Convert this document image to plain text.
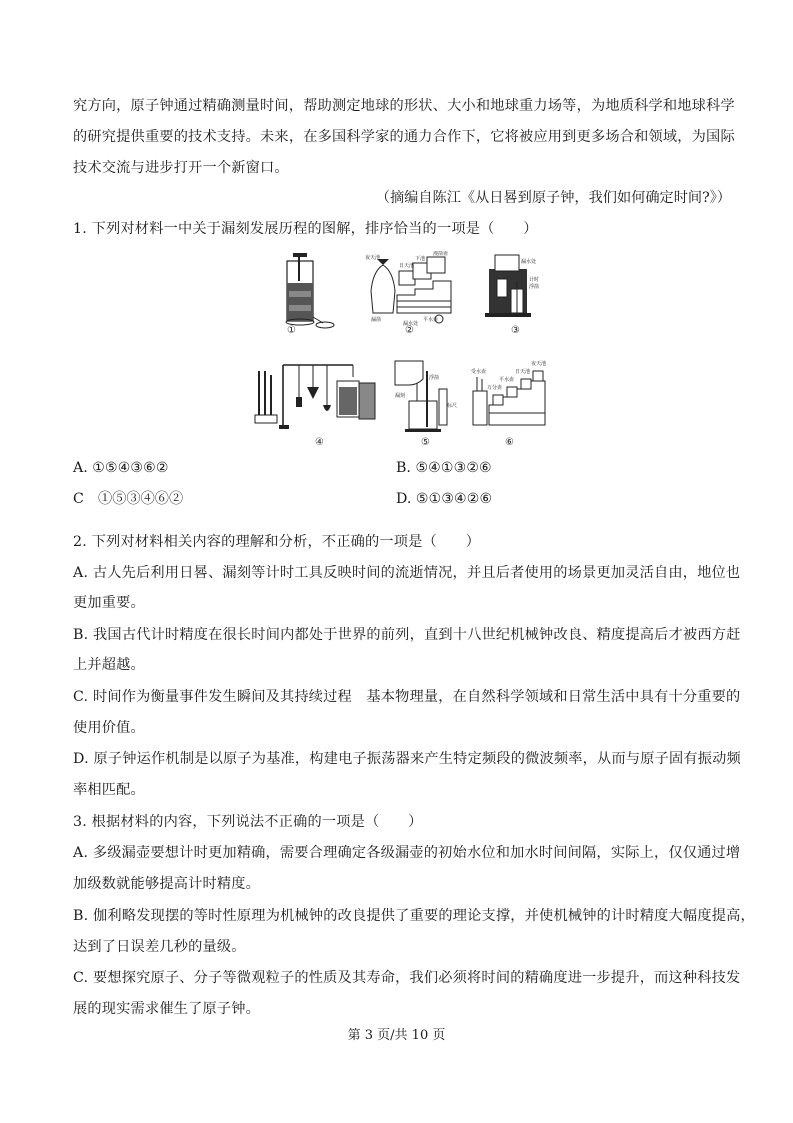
究方向，原子钟通过精确测量时间，帮助测定地球的形状、大小和地球重力场等，为地质科学和地球科学
的研究提供重要的技术支持。未来，在多国科学家的通力合作下，它将被应用到更多场合和领域，为国际
技术交流与进步打开一个新窗口。
（摘编自陈江《从日晷到原子钟，我们如何确定时间?》）
1. 下列对材料一中关于漏刻发展历程的图解，排序恰当的一项是（　　）
①
夜天池
日天池
下池
漫箭壶
平水壶
漏箭
漏水处
②
漏水处
计时
浮箭
③
④
漏刻
浮箭
标尺
⑤
夜天池
日天池
平水壶
万分壶
受水壶
⑥
A. ①⑤④③⑥②	B. ⑤④①③②⑥
C　①⑤③④⑥②	D. ⑤①③④②⑥
2. 下列对材料相关内容的理解和分析，不正确的一项是（　　）
A. 古人先后利用日晷、漏刻等计时工具反映时间的流逝情况，并且后者使用的场景更加灵活自由，地位也
更加重要。
B. 我国古代计时精度在很长时间内都处于世界的前列，直到十八世纪机械钟改良、精度提高后才被西方赶
上并超越。
C. 时间作为衡量事件发生瞬间及其持续过程　基本物理量，在自然科学领域和日常生活中具有十分重要的
使用价值。
D. 原子钟运作机制是以原子为基准，构建电子振荡器来产生特定频段的微波频率，从而与原子固有振动频
率相匹配。
3. 根据材料的内容，下列说法不正确的一项是（　　）
A. 多级漏壶要想计时更加精确，需要合理确定各级漏壶的初始水位和加水时间间隔，实际上，仅仅通过增
加级数就能够提高计时精度。
B. 伽利略发现摆的等时性原理为机械钟的改良提供了重要的理论支撑，并使机械钟的计时精度大幅度提高，
达到了日误差几秒的量级。
C. 要想探究原子、分子等微观粒子的性质及其寿命，我们必须将时间的精确度进一步提升，而这种科技发
展的现实需求催生了原子钟。
第 3 页/共 10 页
